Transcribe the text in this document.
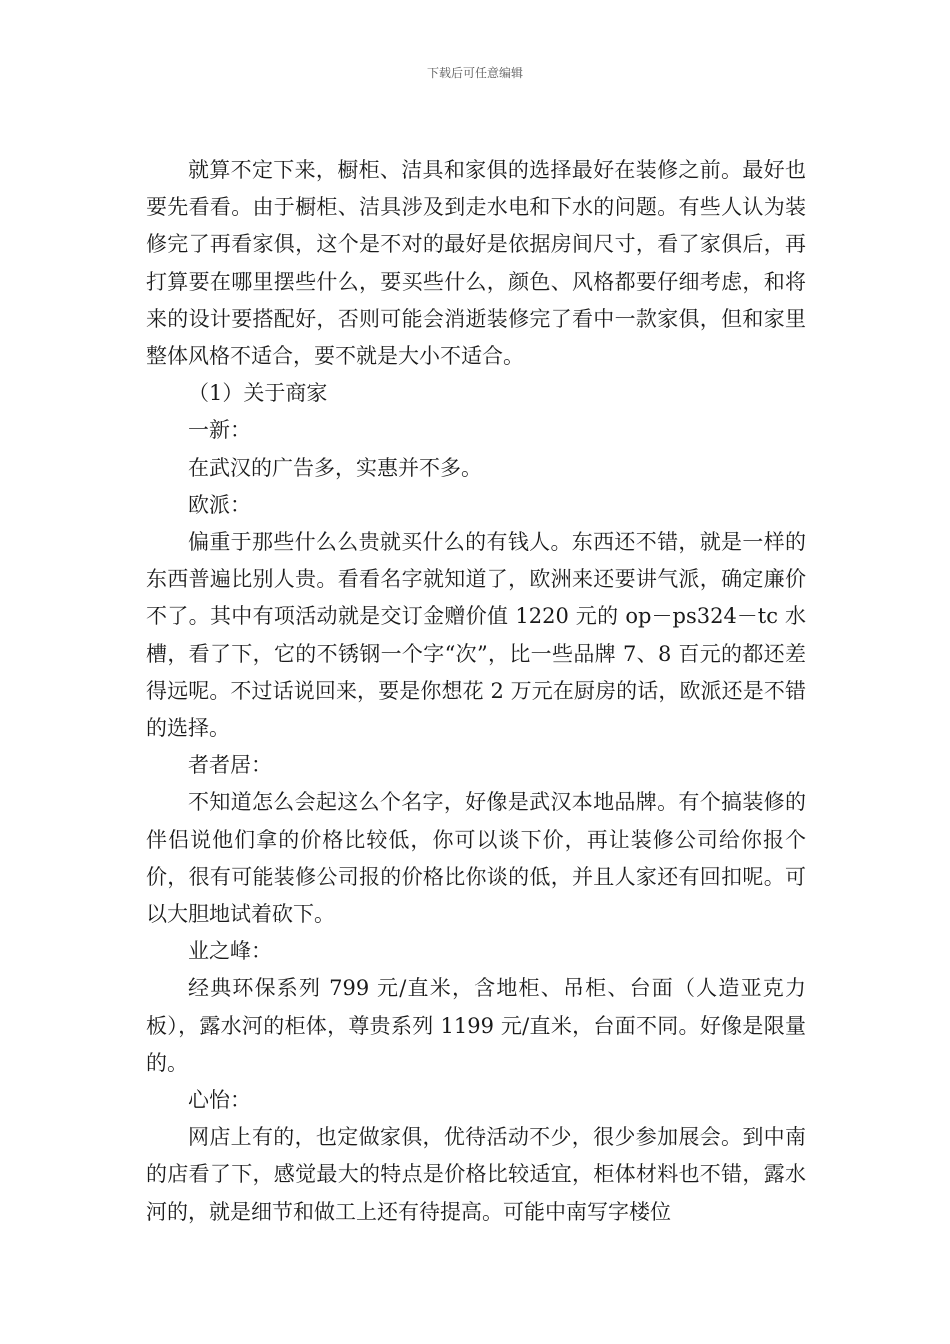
下载后可任意编辑

就算不定下来，橱柜、洁具和家俱的选择最好在装修之前。最好也要先看看。由于橱柜、洁具涉及到走水电和下水的问题。有些人认为装修完了再看家俱，这个是不对的最好是依据房间尺寸，看了家俱后，再打算要在哪里摆些什么，要买些什么，颜色、风格都要仔细考虑，和将来的设计要搭配好，否则可能会消逝装修完了看中一款家俱，但和家里整体风格不适合，要不就是大小不适合。

（1）关于商家

一新：

在武汉的广告多，实惠并不多。

欧派：

偏重于那些什么么贵就买什么的有钱人。东西还不错，就是一样的东西普遍比别人贵。看看名字就知道了，欧洲来还要讲气派，确定廉价不了。其中有项活动就是交订金赠价值 1220 元的 op－ps324－tc 水槽，看了下，它的不锈钢一个字“次”，比一些品牌 7、8 百元的都还差得远呢。不过话说回来，要是你想花 2 万元在厨房的话，欧派还是不错的选择。

者者居：

不知道怎么会起这么个名字，好像是武汉本地品牌。有个搞装修的伴侣说他们拿的价格比较低，你可以谈下价，再让装修公司给你报个价，很有可能装修公司报的价格比你谈的低，并且人家还有回扣呢。可以大胆地试着砍下。

业之峰：

经典环保系列 799 元/直米，含地柜、吊柜、台面（人造亚克力板），露水河的柜体，尊贵系列 1199 元/直米，台面不同。好像是限量的。

心怡：

网店上有的，也定做家俱，优待活动不少，很少参加展会。到中南的店看了下，感觉最大的特点是价格比较适宜，柜体材料也不错，露水河的，就是细节和做工上还有待提高。可能中南写字楼位
